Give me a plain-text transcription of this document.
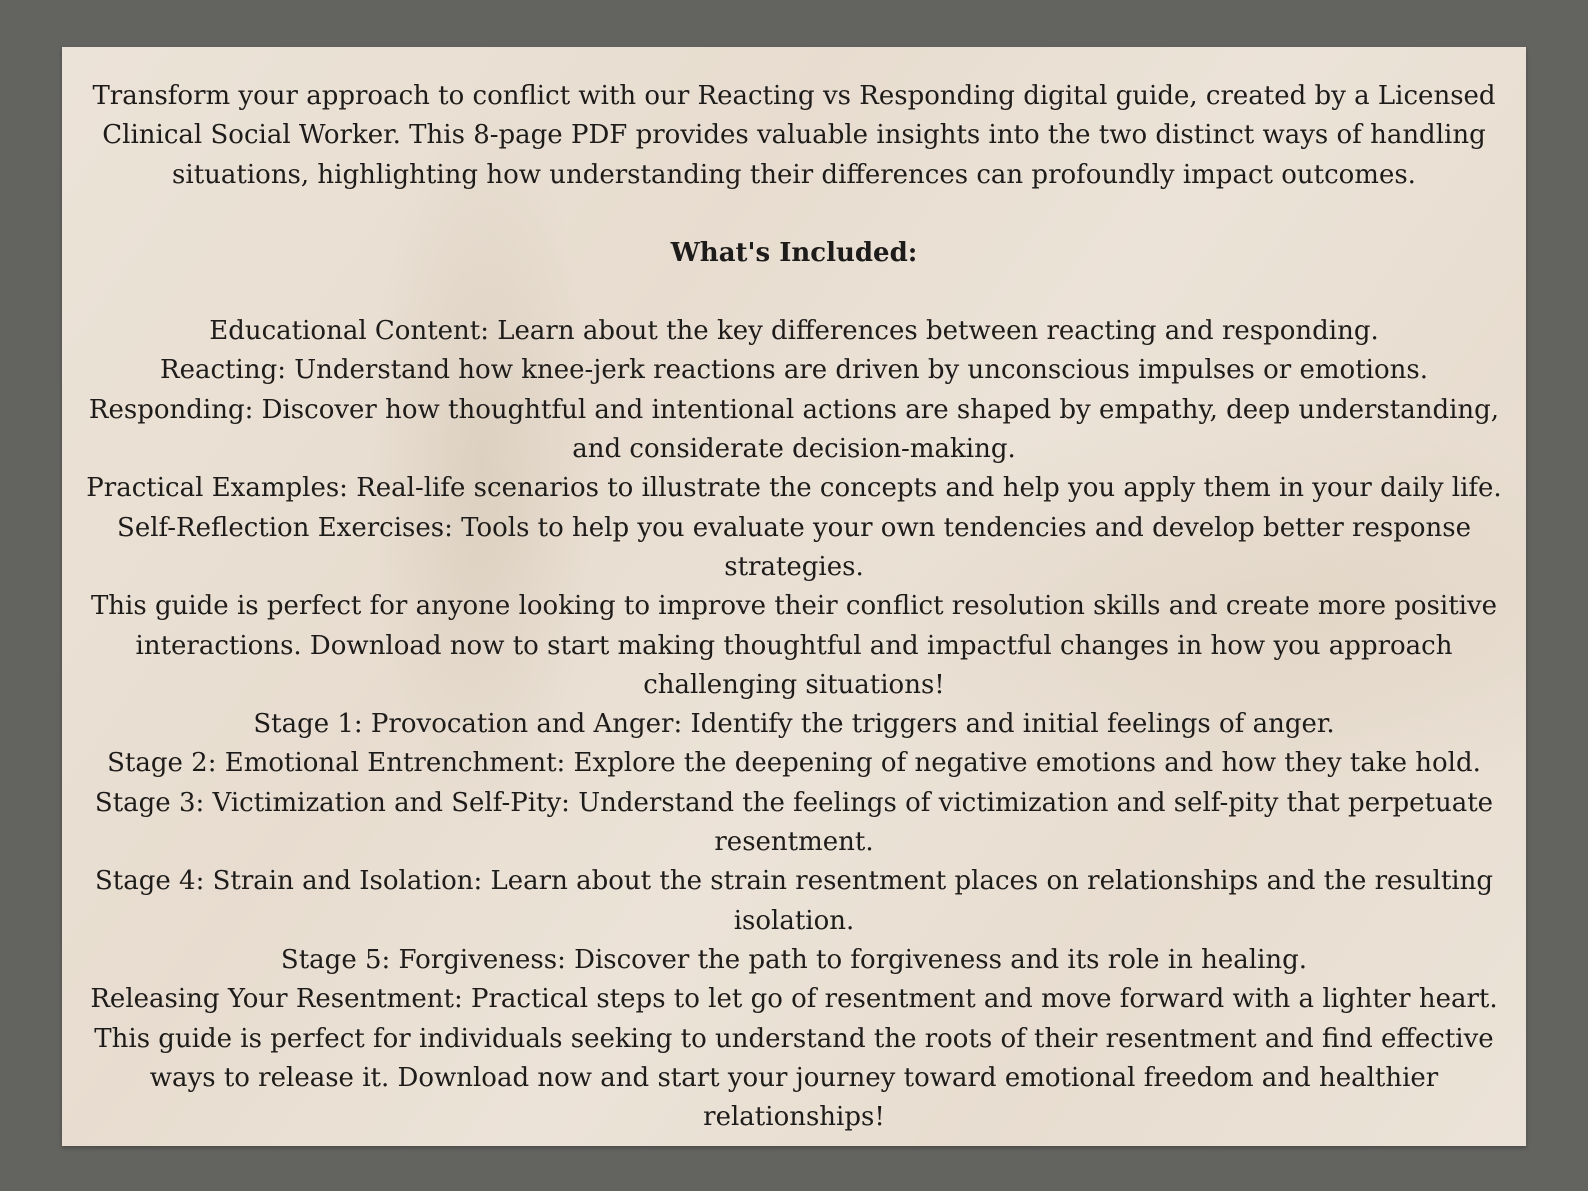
Transform your approach to conflict with our Reacting vs Responding digital guide, created by a Licensed Clinical Social Worker. This 8-page PDF provides valuable insights into the two distinct ways of handling situations, highlighting how understanding their differences can profoundly impact outcomes.

What's Included:

Educational Content: Learn about the key differences between reacting and responding.

Reacting: Understand how knee-jerk reactions are driven by unconscious impulses or emotions.

Responding: Discover how thoughtful and intentional actions are shaped by empathy, deep understanding, and considerate decision-making.

Practical Examples: Real-life scenarios to illustrate the concepts and help you apply them in your daily life.

Self-Reflection Exercises: Tools to help you evaluate your own tendencies and develop better response strategies.

This guide is perfect for anyone looking to improve their conflict resolution skills and create more positive interactions. Download now to start making thoughtful and impactful changes in how you approach challenging situations!

Stage 1: Provocation and Anger: Identify the triggers and initial feelings of anger.

Stage 2: Emotional Entrenchment: Explore the deepening of negative emotions and how they take hold.

Stage 3: Victimization and Self-Pity: Understand the feelings of victimization and self-pity that perpetuate resentment.

Stage 4: Strain and Isolation: Learn about the strain resentment places on relationships and the resulting isolation.

Stage 5: Forgiveness: Discover the path to forgiveness and its role in healing.

Releasing Your Resentment: Practical steps to let go of resentment and move forward with a lighter heart.

This guide is perfect for individuals seeking to understand the roots of their resentment and find effective ways to release it. Download now and start your journey toward emotional freedom and healthier relationships!
